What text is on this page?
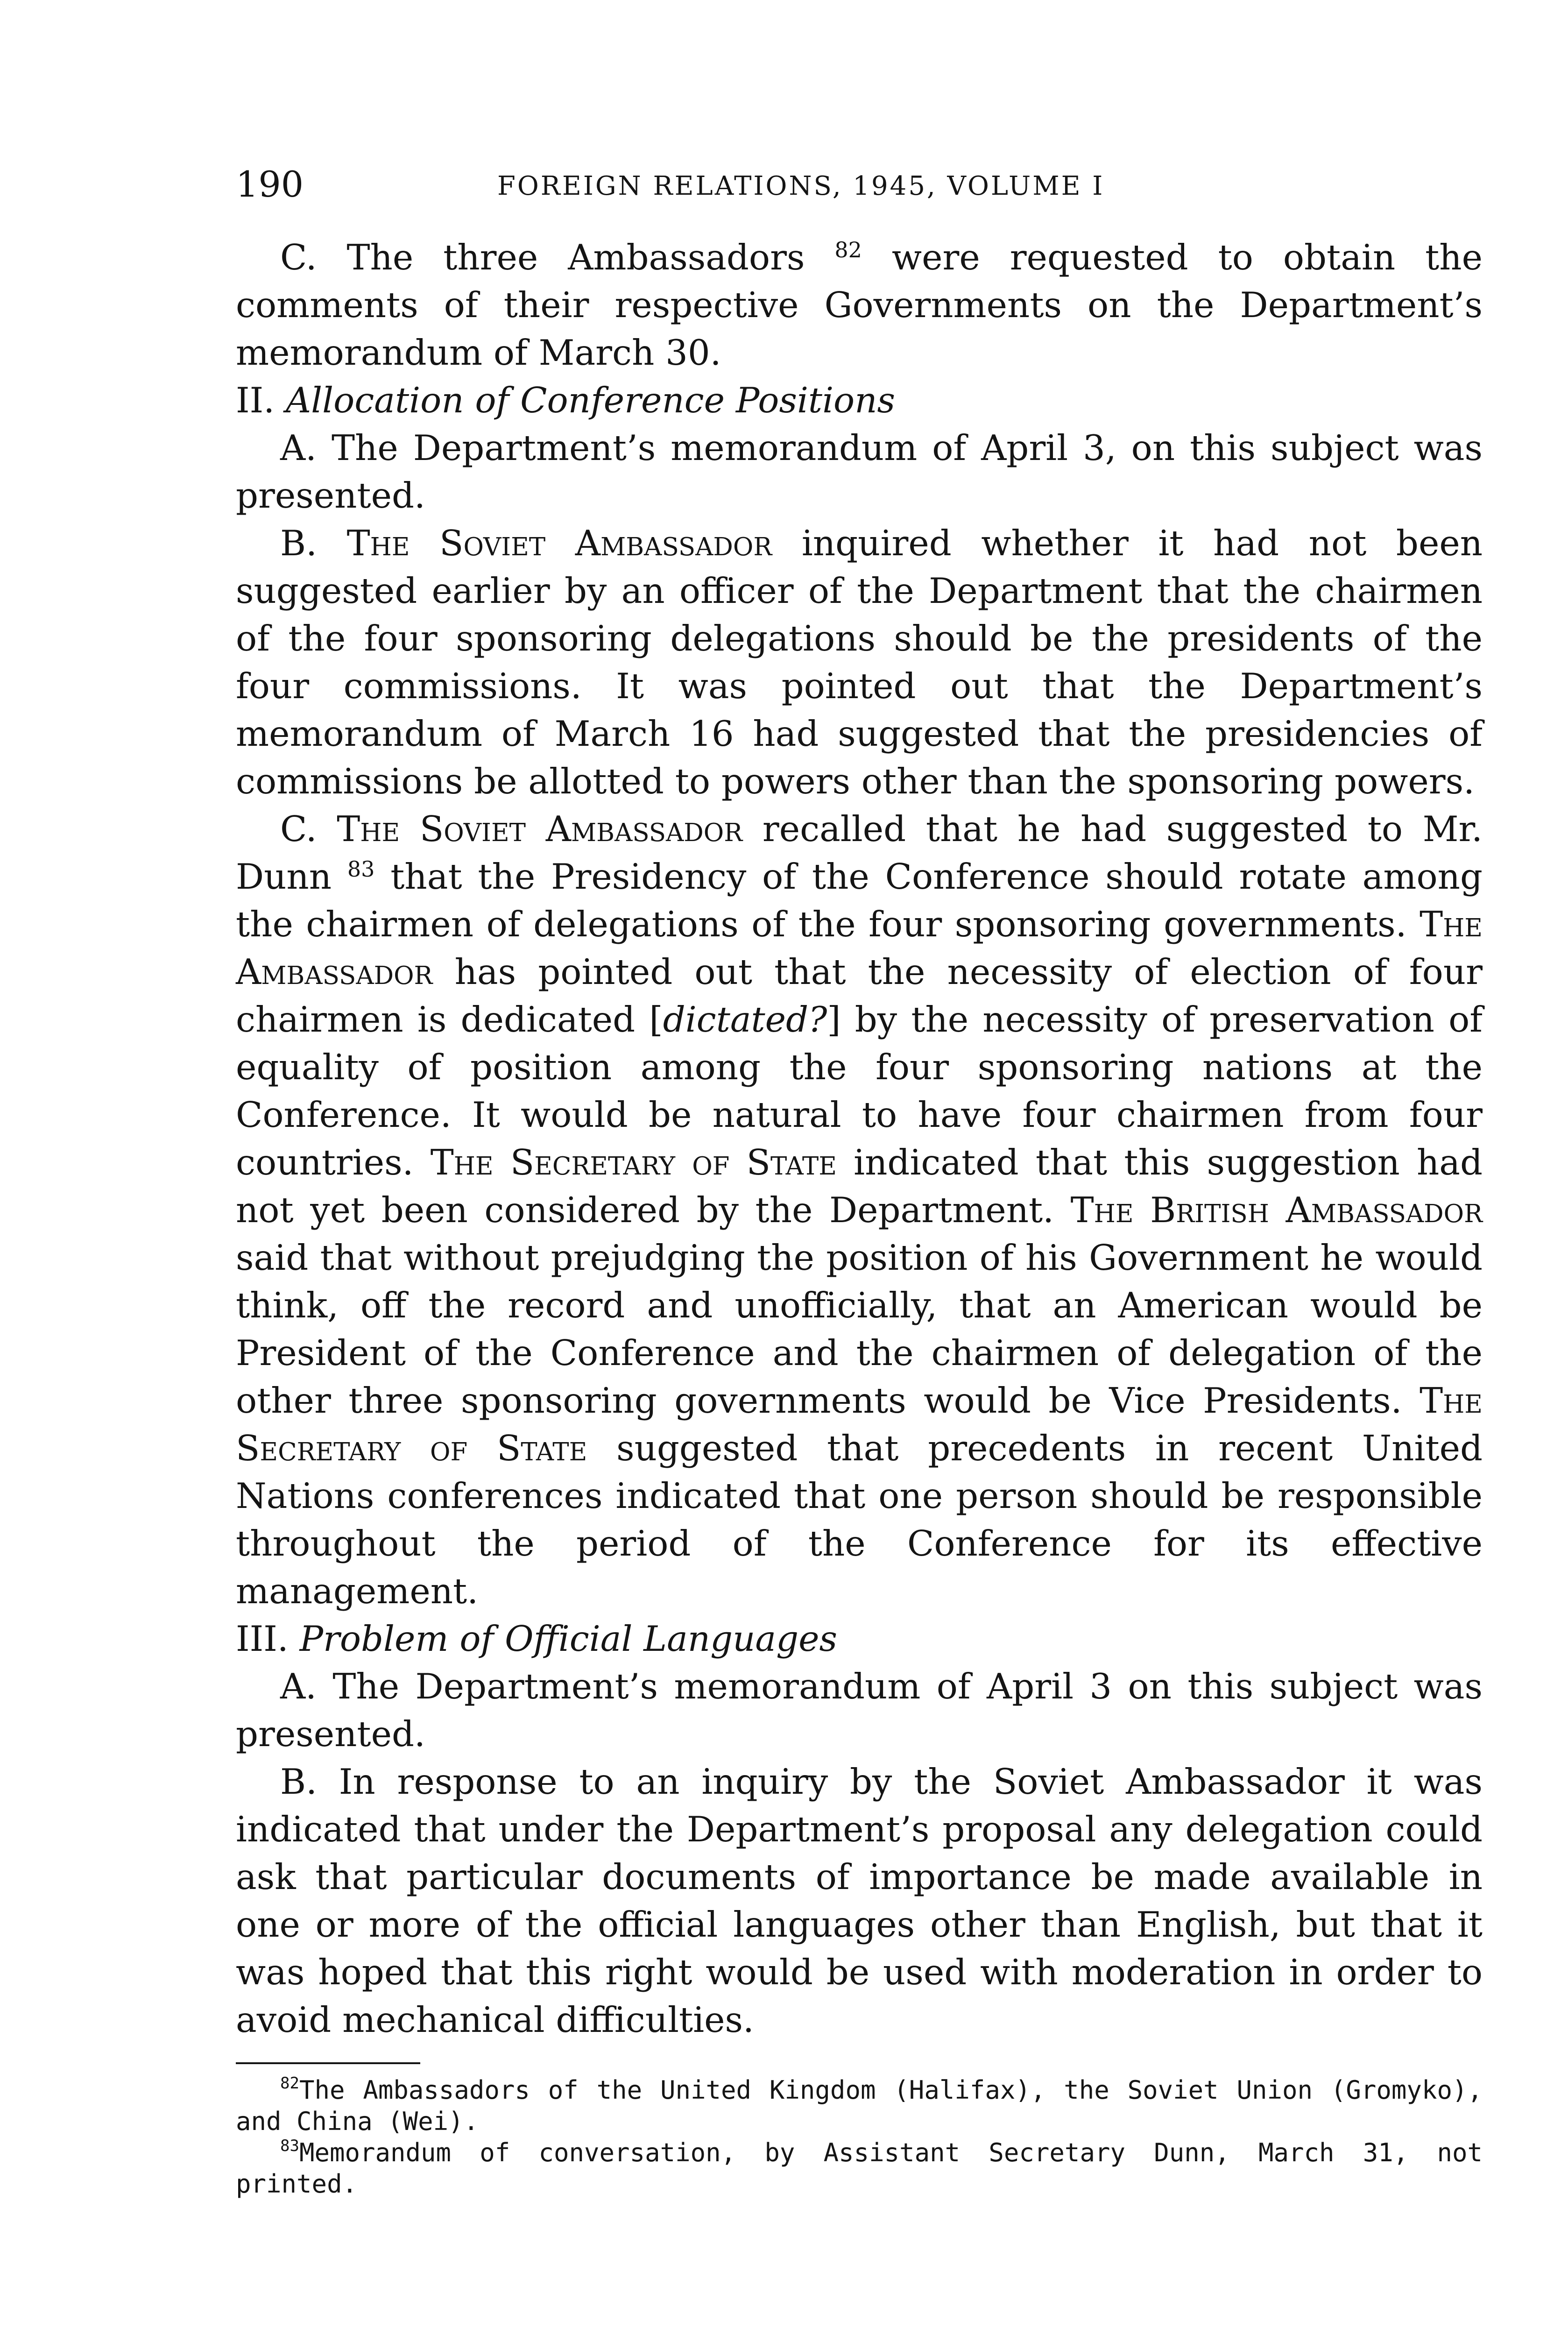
190	FOREIGN RELATIONS, 1945, VOLUME I

C. The three Ambassadors $^{82}$ were requested to obtain the comments of their respective Governments on the Department’s memorandum of March 30.

II. Allocation of Conference Positions

A. The Department’s memorandum of April 3, on this subject was presented.

B. The Soviet Ambassador inquired whether it had not been suggested earlier by an officer of the Department that the chairmen of the four sponsoring delegations should be the presidents of the four commissions. It was pointed out that the Department’s memorandum of March 16 had suggested that the presidencies of commissions be allotted to powers other than the sponsoring powers.

C. The Soviet Ambassador recalled that he had suggested to Mr. Dunn $^{83}$ that the Presidency of the Conference should rotate among the chairmen of delegations of the four sponsoring governments. The Ambassador has pointed out that the necessity of election of four chairmen is dedicated [dictated?] by the necessity of preservation of equality of position among the four sponsoring nations at the Conference. It would be natural to have four chairmen from four countries. The Secretary of State indicated that this suggestion had not yet been considered by the Department. The British Ambassador said that without prejudging the position of his Government he would think, off the record and unofficially, that an American would be President of the Conference and the chairmen of delegation of the other three sponsoring governments would be Vice Presidents. The Secretary of State suggested that precedents in recent United Nations conferences indicated that one person should be responsible throughout the period of the Conference for its effective management.

III. Problem of Official Languages

A. The Department’s memorandum of April 3 on this subject was presented.

B. In response to an inquiry by the Soviet Ambassador it was indicated that under the Department’s proposal any delegation could ask that particular documents of importance be made available in one or more of the official languages other than English, but that it was hoped that this right would be used with moderation in order to avoid mechanical difficulties.

$^{82}$The Ambassadors of the United Kingdom (Halifax), the Soviet Union (Gromyko), and China (Wei).

$^{83}$Memorandum of conversation, by Assistant Secretary Dunn, March 31, not printed.
